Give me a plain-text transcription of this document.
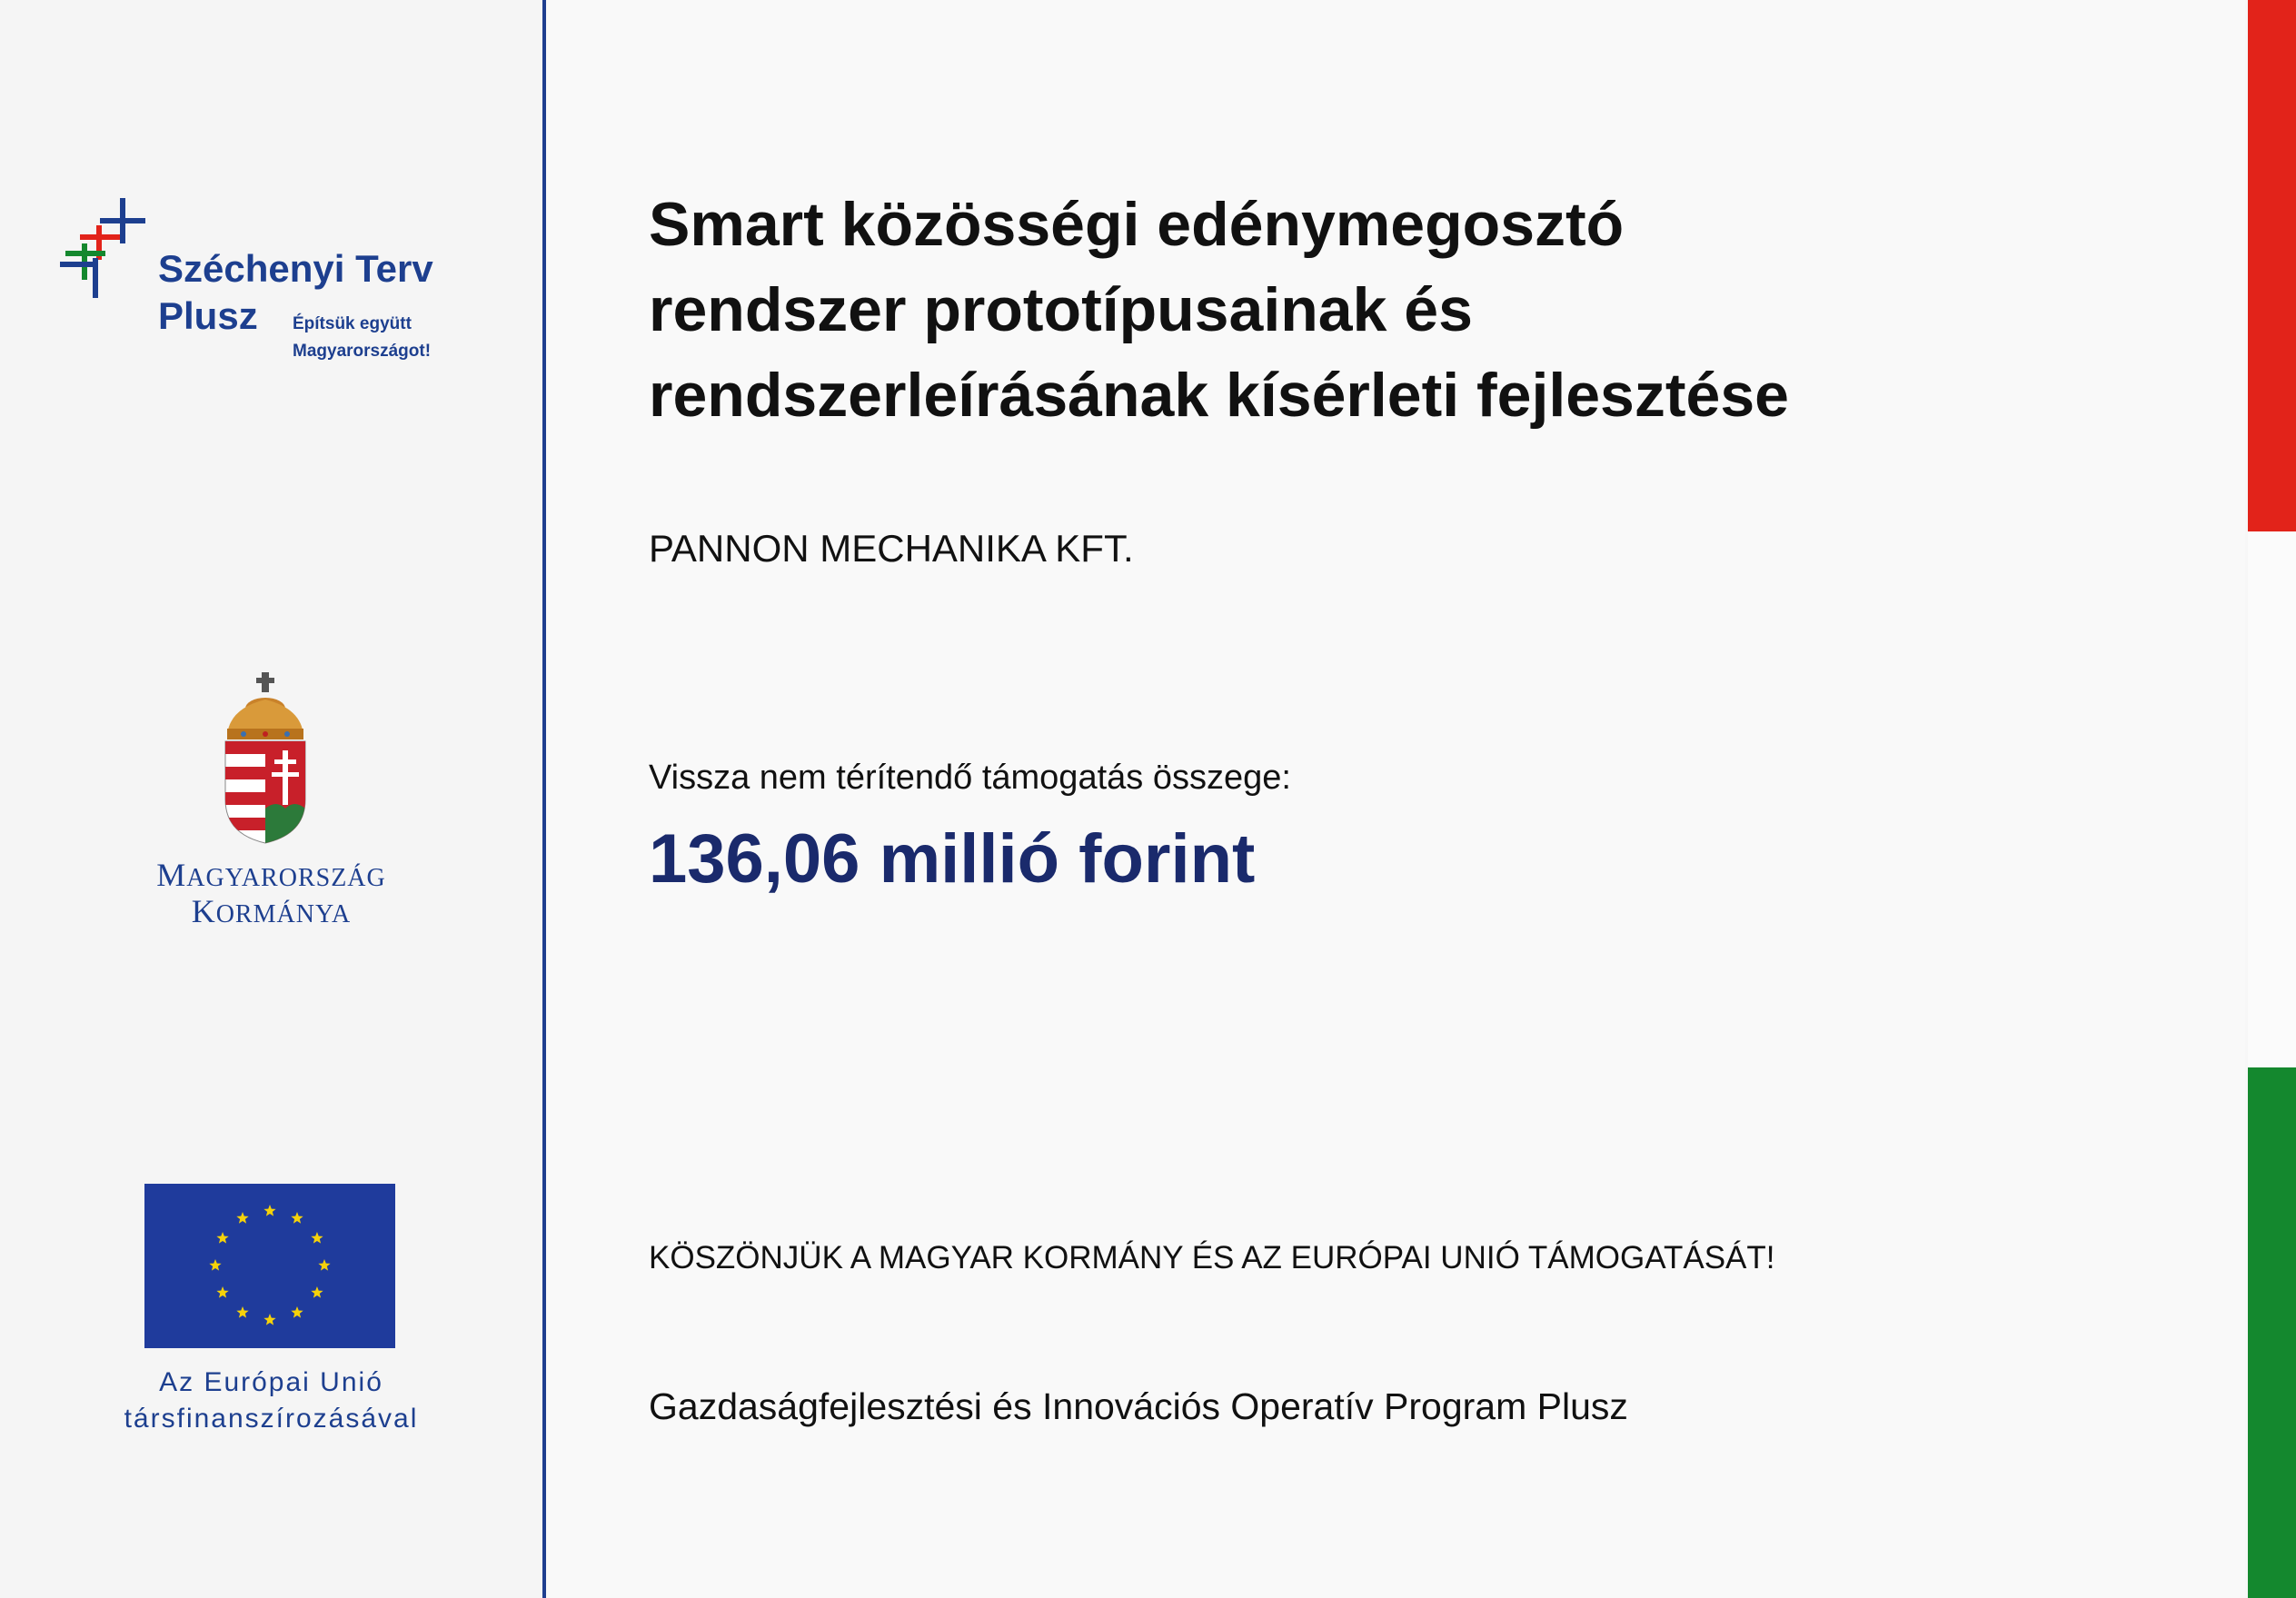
Széchenyi Terv
Plusz Építsük együtt
Magyarországot!
MAGYARORSZÁG
KORMÁNYA
Az Európai Unió
társfinanszírozásával
Smart közösségi edénymegosztó
rendszer prototípusainak és
rendszerleírásának kísérleti fejlesztése
PANNON MECHANIKA KFT.
Vissza nem térítendő támogatás összege:
136,06 millió forint
KÖSZÖNJÜK A MAGYAR KORMÁNY ÉS AZ EURÓPAI UNIÓ TÁMOGATÁSÁT!
Gazdaságfejlesztési és Innovációs Operatív Program Plusz
